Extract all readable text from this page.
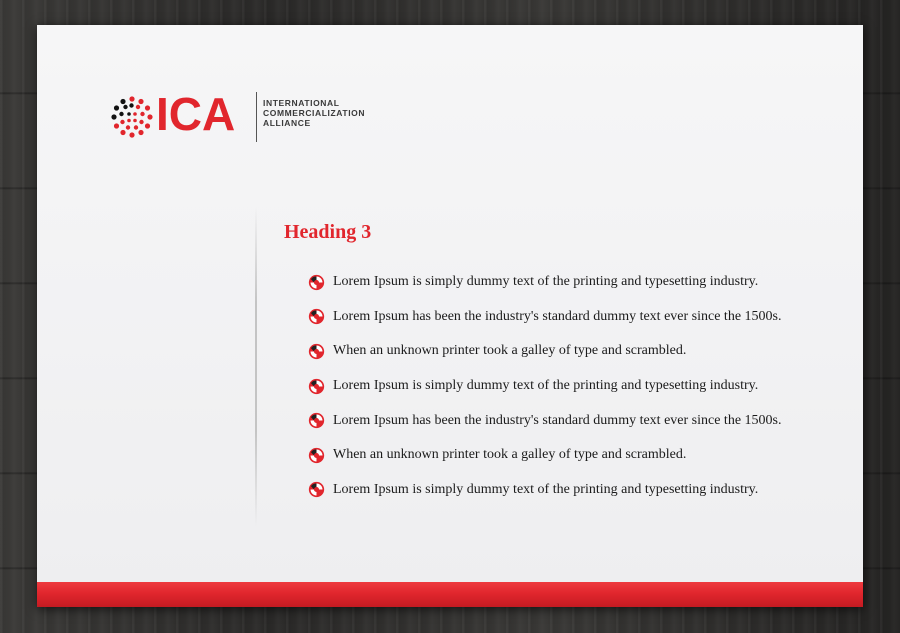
ICA	INTERNATIONAL
COMMERCIALIZATION
ALLIANCE
Heading 3
Lorem Ipsum is simply dummy text of the printing and typesetting industry.
Lorem Ipsum has been the industry's standard dummy text ever since the 1500s.
When an unknown printer took a galley of type and scrambled.
Lorem Ipsum is simply dummy text of the printing and typesetting industry.
Lorem Ipsum has been the industry's standard dummy text ever since the 1500s.
When an unknown printer took a galley of type and scrambled.
Lorem Ipsum is simply dummy text of the printing and typesetting industry.
